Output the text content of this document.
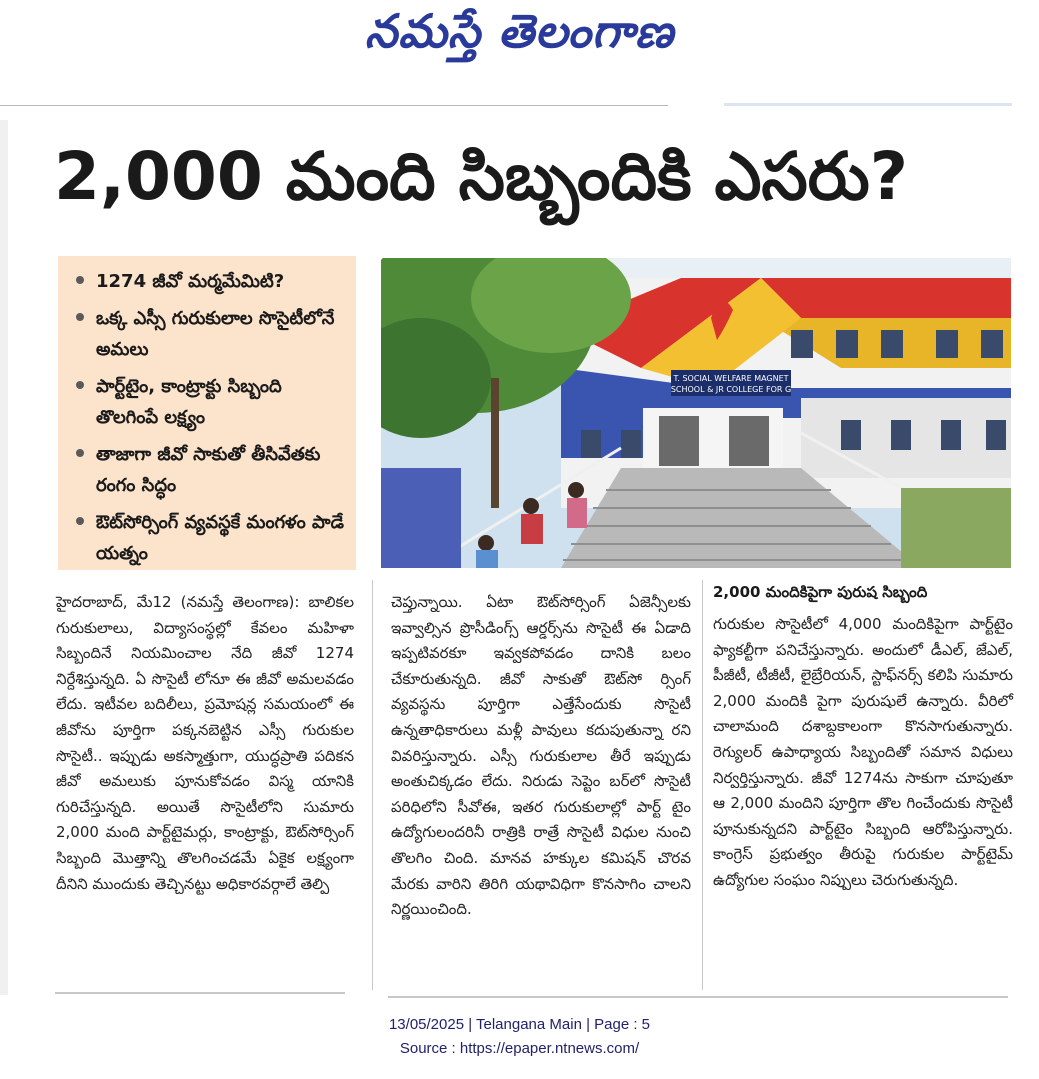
నమస్తే తెలంగాణ
2,000 మంది సిబ్బందికి ఎసరు?
1274 జీవో మర్మమేమిటి?
ఒక్క ఎస్సీ గురుకులాల సొసైటీలోనే అమలు
పార్ట్‌టైం, కాంట్రాక్టు సిబ్బంది తొలగింపే లక్ష్యం
తాజాగా జీవో సాకుతో తీసివేతకు రంగం సిద్ధం
ఔట్‌సోర్సింగ్ వ్యవస్థకే మంగళం పాడే యత్నం
T. SOCIAL WELFARE MAGNET
SCHOOL & JR COLLEGE FOR G
హైదరాబాద్, మే12 (నమస్తే తెలంగాణ): బాలికల గురుకులాలు, విద్యాసంస్థల్లో కేవలం మహిళా సిబ్బందినే నియమించాల నేది జీవో 1274 నిర్దేశిస్తున్నది. ఏ సొసైటీ లోనూ ఈ జీవో అమలవడం లేదు. ఇటీవల బదిలీలు, ప్రమోషన్ల సమయంలో ఈ జీవోను పూర్తిగా పక్కనబెట్టిన ఎస్సీ గురుకుల సొసైటీ.. ఇప్పుడు అకస్మాత్తుగా, యుద్ధప్రాతి పదికన జీవో అమలుకు పూనుకోవడం విస్మ యానికి గురిచేస్తున్నది. అయితే సొసైటీలోని సుమారు 2,000 మంది పార్ట్‌టైమర్లు, కాంట్రాక్టు, ఔట్‌సోర్సింగ్ సిబ్బంది మొత్తాన్ని తొలగించడమే ఏకైక లక్ష్యంగా దీనిని ముందుకు తెచ్చినట్టు అధికారవర్గాలే తెల్పి
చెప్తున్నాయి. ఏటా ఔట్‌సోర్సింగ్ ఏజెన్సీలకు ఇవ్వాల్సిన ప్రొసీడింగ్స్ ఆర్డర్స్‌ను సొసైటీ ఈ ఏడాది ఇప్పటివరకూ ఇవ్వకపోవడం దానికి బలం చేకూరుతున్నది. జీవో సాకుతో ఔట్‌సో ర్సింగ్ వ్యవస్థను పూర్తిగా ఎత్తేసేందుకు సొసైటీ ఉన్నతాధికారులు మళ్లీ పావులు కదుపుతున్నా రని వివరిస్తున్నారు. ఎస్సీ గురుకులాల తీరే ఇప్పుడు అంతుచిక్కడం లేదు. నిరుడు సెప్టెం బర్‌లో సొసైటీ పరిధిలోని సీవోఈ, ఇతర గురుకులాల్లో పార్ట్ టైం ఉద్యోగులందరినీ రాత్రికి రాత్రే సొసైటీ విధుల నుంచి తొలగిం చింది. మానవ హక్కుల కమిషన్ చొరవ మేరకు వారిని తిరిగి యథావిధిగా కొనసాగిం చాలని నిర్ణయించింది.
2,000 మందికిపైగా పురుష సిబ్బంది
గురుకుల సొసైటీలో 4,000 మందికిపైగా పార్ట్‌టైం ఫ్యాకల్టీగా పనిచేస్తున్నారు. అందులో డీఎల్, జేఎల్, పీజీటీ, టీజీటీ, లైబ్రేరియన్, స్టాఫ్‌నర్స్ కలిపి సుమారు 2,000 మందికి పైగా పురుషులే ఉన్నారు. వీరిలో చాలామంది దశాబ్దకాలంగా కొనసాగుతున్నారు. రెగ్యులర్ ఉపాధ్యాయ సిబ్బందితో సమాన విధులు నిర్వర్తిస్తున్నారు. జీవో 1274ను సాకుగా చూపుతూ ఆ 2,000 మందిని పూర్తిగా తొల గించేందుకు సొసైటీ పూనుకున్నదని పార్ట్‌టైం సిబ్బంది ఆరోపిస్తున్నారు. కాంగ్రెస్ ప్రభుత్వం తీరుపై గురుకుల పార్ట్‌టైమ్ ఉద్యోగుల సంఘం నిప్పులు చెరుగుతున్నది.
13/05/2025 | Telangana Main | Page : 5
Source : https://epaper.ntnews.com/
